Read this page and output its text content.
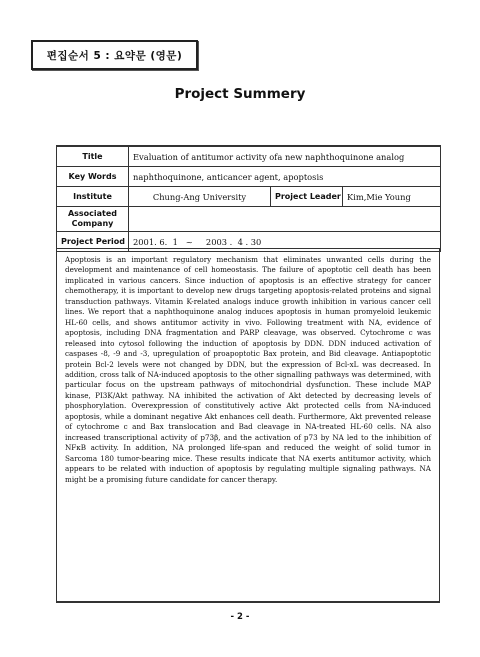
편집순서 5 : 요약문 (영문)
Project Summery
Title	Evaluation of antitumor activity ofa new naphthoquinone analog		
Key Words	naphthoquinone, anticancer agent, apoptosis		
Institute	Chung-Ang University	Project Leader	Kim,Mie Young
Associated Company			
Project Period	2001. 6.  1   ~     2003 .  4 . 30		

Apoptosis is an important regulatory mechanism that eliminates unwanted cells during the development and maintenance of cell homeostasis. The failure of apoptotic cell death has been implicated in various cancers. Since induction of apoptosis is an effective strategy for cancer chemotherapy, it is important to develop new drugs targeting apoptosis-related proteins and signal transduction pathways. Vitamin K-related analogs induce growth inhibition in various cancer cell lines. We report that a naphthoquinone analog induces apoptosis in human promyeloid leukemic HL-60 cells, and shows antitumor activity in vivo. Following treatment with NA, evidence of apoptosis, including DNA fragmentation and PARP cleavage, was observed. Cytochrome c was released into cytosol following the induction of apoptosis by DDN. DDN induced activation of caspases -8, -9 and -3, upregulation of proapoptotic Bax protein, and Bid cleavage. Antiapoptotic protein Bcl-2 levels were not changed by DDN, but the expression of Bcl-xL was decreased. In addition, cross talk of NA-induced apoptosis to the other signalling pathways was determined, with particular focus on the upstream pathways of mitochondrial dysfunction. These include MAP kinase, PI3K/Akt pathway. NA inhibited the activation of Akt detected by decreasing levels of phosphorylation. Overexpression of constitutively active Akt protected cells from NA-induced apoptosis, while a dominant negative Akt enhances cell death. Furthermore, Akt prevented release of cytochrome c and Bax translocation and Bad cleavage in NA-treated HL-60 cells. NA also increased transcriptional activity of p73β, and the activation of p73 by NA led to the inhibition of NFκB activity. In addition, NA prolonged life-span and reduced the weight of solid tumor in Sarcoma 180 tumor-bearing mice. These results indicate that NA exerts antitumor activity, which appears to be related with induction of apoptosis by regulating multiple signaling pathways. NA might be a promising future candidate for cancer therapy.

- 2 -
